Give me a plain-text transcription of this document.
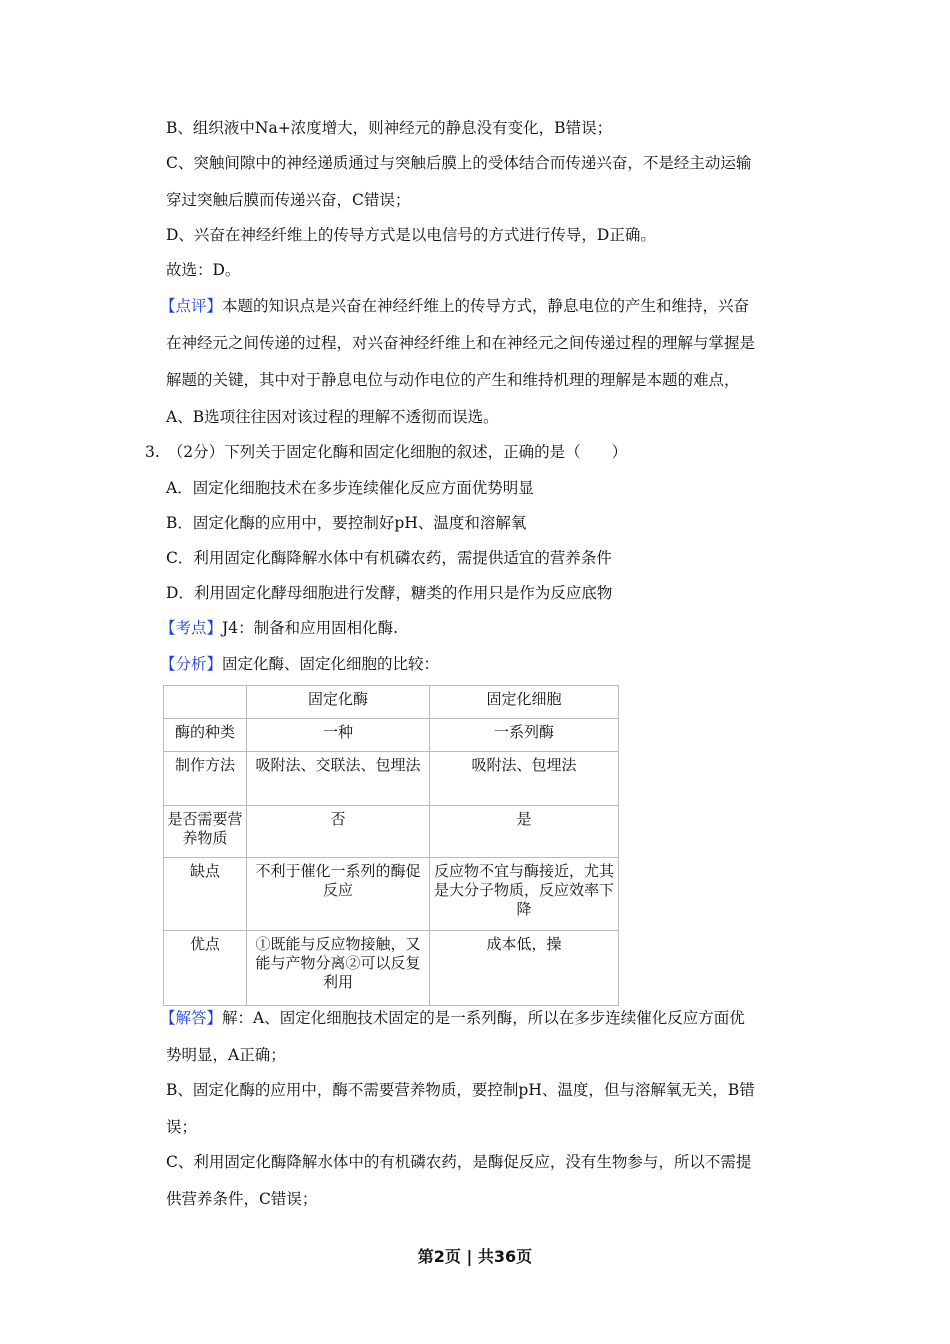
B、组织液中Na+浓度增大，则神经元的静息没有变化，B错误；
C、突触间隙中的神经递质通过与突触后膜上的受体结合而传递兴奋，不是经主动运输
穿过突触后膜而传递兴奋，C错误；
D、兴奋在神经纤维上的传导方式是以电信号的方式进行传导，D正确。
故选：D。
【点评】本题的知识点是兴奋在神经纤维上的传导方式，静息电位的产生和维持，兴奋
在神经元之间传递的过程，对兴奋神经纤维上和在神经元之间传递过程的理解与掌握是
解题的关键，其中对于静息电位与动作电位的产生和维持机理的理解是本题的难点，
A、B选项往往因对该过程的理解不透彻而误选。
3. （2分）下列关于固定化酶和固定化细胞的叙述，正确的是（　　）
A．固定化细胞技术在多步连续催化反应方面优势明显
B．固定化酶的应用中，要控制好pH、温度和溶解氧
C．利用固定化酶降解水体中有机磷农药，需提供适宜的营养条件
D．利用固定化酵母细胞进行发酵，糖类的作用只是作为反应底物
【考点】J4：制备和应用固相化酶.
【分析】固定化酶、固定化细胞的比较：
	固定化酶	固定化细胞
酶的种类	一种	一系列酶
制作方法	吸附法、交联法、包埋法	吸附法、包埋法
是否需要营养物质	否	是
缺点	不利于催化一系列的酶促反应	反应物不宜与酶接近，尤其是大分子物质，反应效率下降
优点	①既能与反应物接触，又能与产物分离②可以反复利用	成本低，操
【解答】解：A、固定化细胞技术固定的是一系列酶，所以在多步连续催化反应方面优
势明显，A正确；
B、固定化酶的应用中，酶不需要营养物质，要控制pH、温度，但与溶解氧无关，B错
误；
C、利用固定化酶降解水体中的有机磷农药，是酶促反应，没有生物参与，所以不需提
供营养条件，C错误；
第2页 | 共36页
